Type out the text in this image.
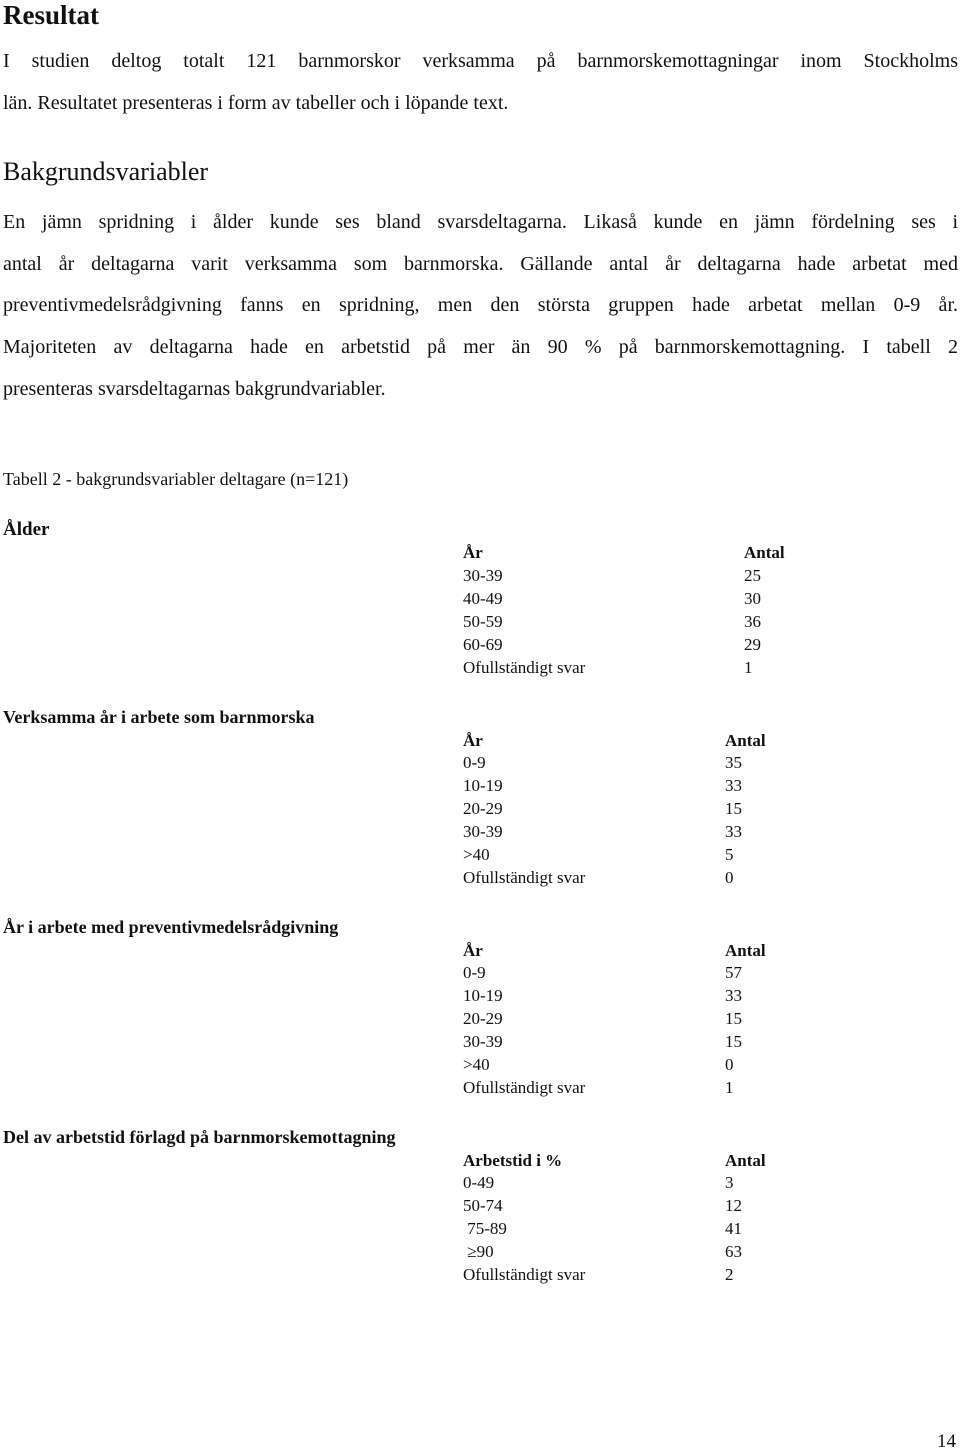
Resultat

I studien deltog totalt 121 barnmorskor verksamma på barnmorskemottagningar inom Stockholms

län. Resultatet presenteras i form av tabeller och i löpande text.

Bakgrundsvariabler

En jämn spridning i ålder kunde ses bland svarsdeltagarna. Likaså kunde en jämn fördelning ses i

antal år deltagarna varit verksamma som barnmorska. Gällande antal år deltagarna hade arbetat med

preventivmedelsrådgivning fanns en spridning, men den största gruppen hade arbetat mellan 0-9 år.

Majoriteten av deltagarna hade en arbetstid på mer än 90 % på barnmorskemottagning. I tabell 2

presenteras svarsdeltagarnas bakgrundvariabler.

Tabell 2 - bakgrundsvariabler deltagare (n=121)
Ålder
År	Antal
30-39	25
40-49	30
50-59	36
60-69	29
Ofullständigt svar	1
Verksamma år i arbete som barnmorska
År	Antal
0-9	35
10-19	33
20-29	15
30-39	33
>40	5
Ofullständigt svar	0
År i arbete med preventivmedelsrådgivning
År	Antal
0-9	57
10-19	33
20-29	15
30-39	15
>40	0
Ofullständigt svar	1
Del av arbetstid förlagd på barnmorskemottagning
Arbetstid i %	Antal
0-49	3
50-74	12
75-89	41
≥90	63
Ofullständigt svar	2
14
